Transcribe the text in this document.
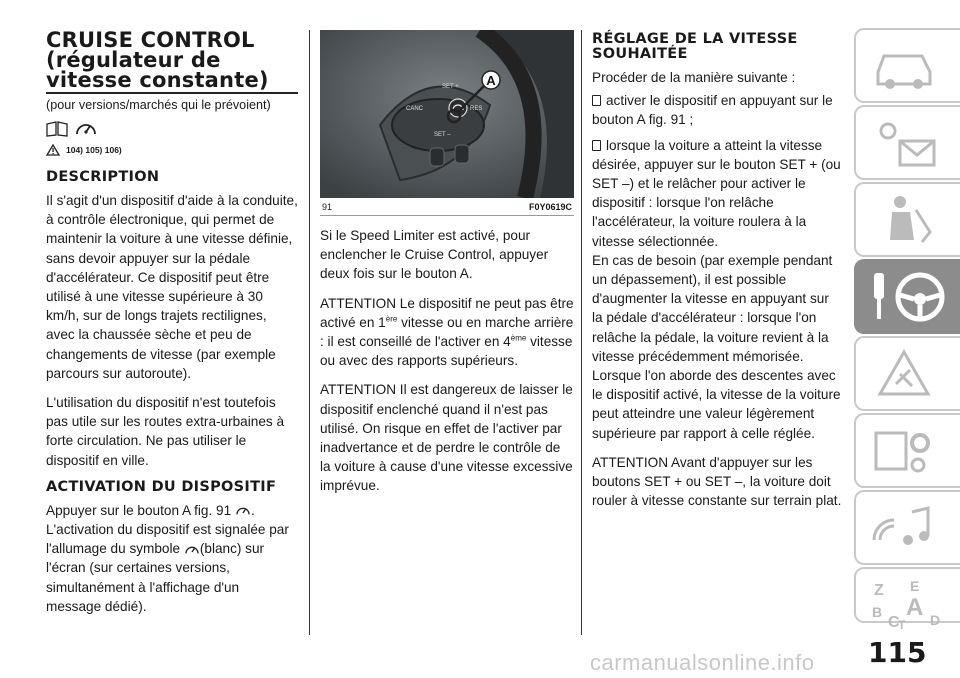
CRUISE CONTROL
(régulateur de
vitesse constante)
(pour versions/marchés qui le prévoient)
104) 105) 106)
DESCRIPTION

Il s'agit d'un dispositif d'aide à la conduite, à contrôle électronique, qui permet de maintenir la voiture à une vitesse définie, sans devoir appuyer sur la pédale d'accélérateur. Ce dispositif peut être utilisé à une vitesse supérieure à 30 km/h, sur de longs trajets rectilignes, avec la chaussée sèche et peu de changements de vitesse (par exemple parcours sur autoroute).

L'utilisation du dispositif n'est toutefois pas utile sur les routes extra-urbaines à forte circulation. Ne pas utiliser le dispositif en ville.

ACTIVATION DU DISPOSITIF

Appuyer sur le bouton A fig. 91 . L'activation du dispositif est signalée par l'allumage du symbole (blanc) sur l'écran (sur certaines versions, simultanément à l'affichage d'un message dédié).

A
SET +
CANC	RES
SET –
91	F0Y0619C

Si le Speed Limiter est activé, pour enclencher le Cruise Control, appuyer deux fois sur le bouton A.

ATTENTION Le dispositif ne peut pas être activé en 1ère vitesse ou en marche arrière : il est conseillé de l'activer en 4ème vitesse ou avec des rapports supérieurs.

ATTENTION Il est dangereux de laisser le dispositif enclenché quand il n'est pas utilisé. On risque en effet de l'activer par inadvertance et de perdre le contrôle de la voiture à cause d'une vitesse excessive imprévue.

RÉGLAGE DE LA VITESSE
SOUHAITÉE

Procéder de la manière suivante :

activer le dispositif en appuyant sur le bouton A fig. 91 ;

lorsque la voiture a atteint la vitesse désirée, appuyer sur le bouton SET + (ou SET –) et le relâcher pour activer le dispositif : lorsque l'on relâche l'accélérateur, la voiture roulera à la vitesse sélectionnée.

En cas de besoin (par exemple pendant un dépassement), il est possible d'augmenter la vitesse en appuyant sur la pédale d'accélérateur : lorsque l'on relâche la pédale, la voiture revient à la vitesse précédemment mémorisée. Lorsque l'on aborde des descentes avec le dispositif activé, la vitesse de la voiture peut atteindre une valeur légèrement supérieure par rapport à celle réglée.

ATTENTION Avant d'appuyer sur les boutons SET + ou SET –, la voiture doit rouler à vitesse constante sur terrain plat.

Z E
B A
C
T D
115
carmanualsonline.info
